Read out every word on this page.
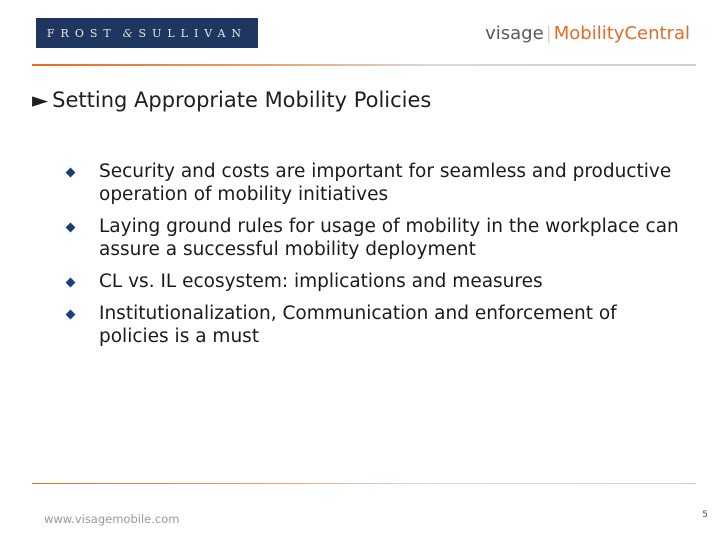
FROST & SULLIVAN	visage | MobilityCentral
► Setting Appropriate Mobility Policies
Security and costs are important for seamless and productive operation of mobility initiatives
Laying ground rules for usage of mobility in the workplace can assure a successful mobility deployment
CL vs. IL ecosystem: implications and measures
Institutionalization, Communication and enforcement of policies is a must
www.visagemobile.com	5
